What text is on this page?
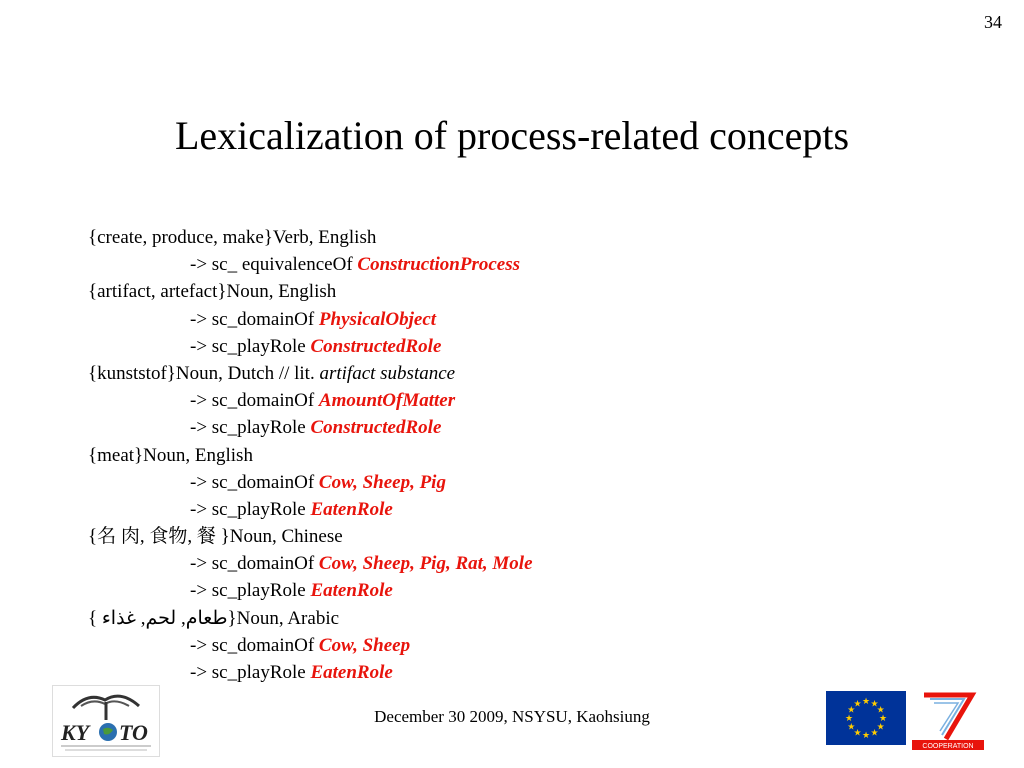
34
Lexicalization of process-related concepts
{create, produce, make}Verb, English
-> sc_ equivalenceOf ConstructionProcess
{artifact, artefact}Noun, English
-> sc_domainOf PhysicalObject
-> sc_playRole ConstructedRole
{kunststof}Noun, Dutch // lit. artifact substance
-> sc_domainOf AmountOfMatter
-> sc_playRole ConstructedRole
{meat}Noun, English
-> sc_domainOf Cow, Sheep, Pig
-> sc_playRole EatenRole
{名 肉, 食物, 餐 }Noun, Chinese
-> sc_domainOf Cow, Sheep, Pig, Rat, Mole
-> sc_playRole EatenRole
{ طعام, لحم, غذاء}Noun, Arabic
-> sc_domainOf Cow, Sheep
-> sc_playRole EatenRole
December 30 2009, NSYSU, Kaohsiung
KY TO
★ ★
★
★
★
★
★
★
★
★
★
★
COOPERATION
